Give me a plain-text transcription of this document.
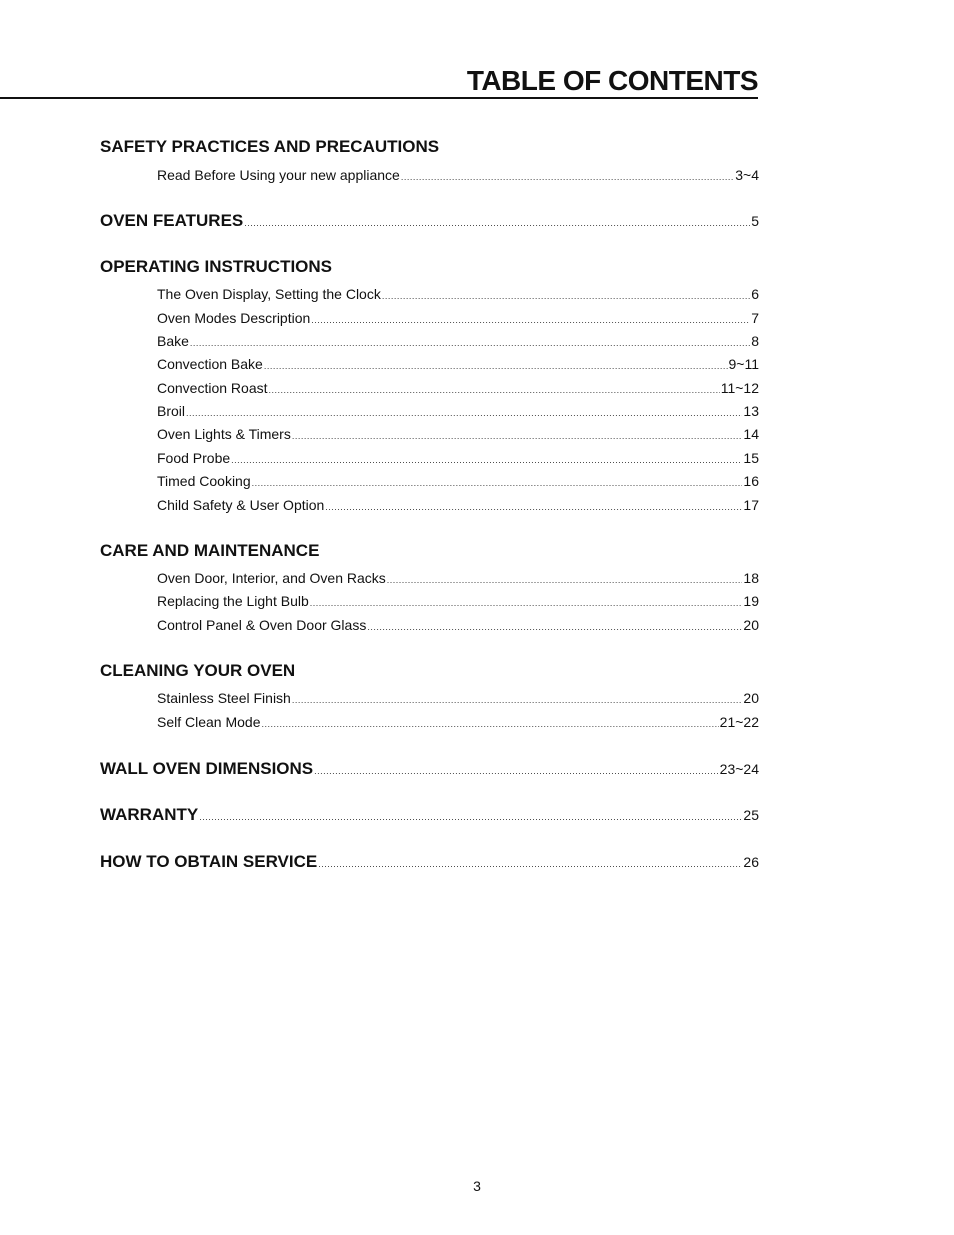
TABLE OF CONTENTS
SAFETY PRACTICES AND PRECAUTIONS
Read Before Using your new appliance .....	3~4
OVEN FEATURES .....	5
OPERATING INSTRUCTIONS
The Oven Display, Setting the Clock .....	6
Oven Modes Description .....	7
Bake .....	8
Convection Bake .....	9~11
Convection Roast .....	11~12
Broil .....	13
Oven Lights & Timers .....	14
Food Probe .....	15
Timed Cooking .....	16
Child Safety & User Option .....	17
CARE AND MAINTENANCE
Oven Door, Interior, and Oven Racks .....	18
Replacing the Light Bulb .....	19
Control Panel & Oven Door Glass .....	20
CLEANING YOUR OVEN
Stainless Steel Finish .....	20
Self Clean Mode .....	21~22
WALL OVEN DIMENSIONS .....	23~24
WARRANTY .....	25
HOW TO OBTAIN SERVICE .....	26
3
